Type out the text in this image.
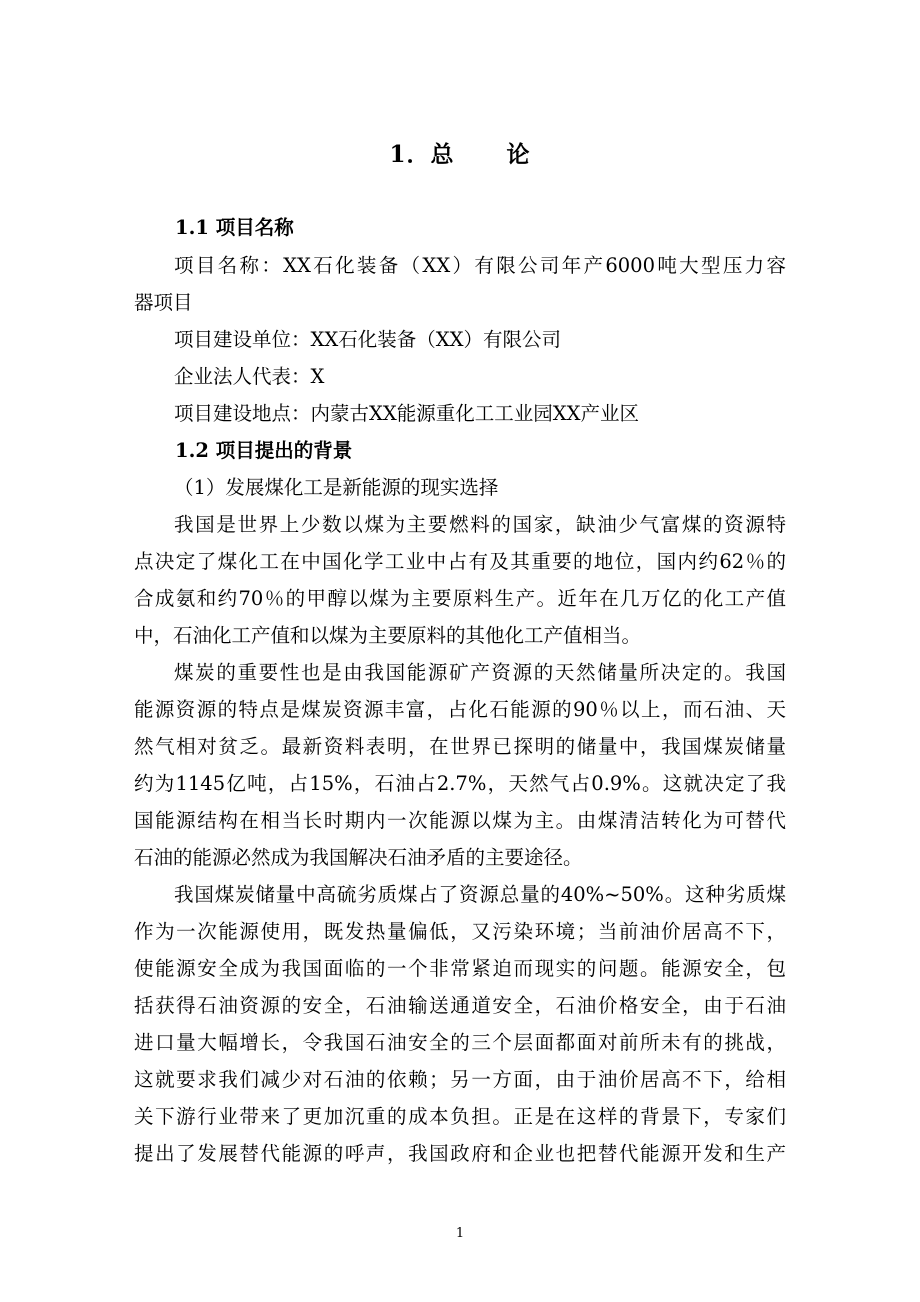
1．总 论
1.1 项目名称
项目名称：XX石化装备（XX）有限公司年产6000吨大型压力容
器项目
项目建设单位：XX石化装备（XX）有限公司
企业法人代表：X
项目建设地点：内蒙古XX能源重化工工业园XX产业区
1.2 项目提出的背景
（1）发展煤化工是新能源的现实选择
我国是世界上少数以煤为主要燃料的国家，缺油少气富煤的资源特
点决定了煤化工在中国化学工业中占有及其重要的地位，国内约62％的
合成氨和约70％的甲醇以煤为主要原料生产。近年在几万亿的化工产值
中，石油化工产值和以煤为主要原料的其他化工产值相当。
煤炭的重要性也是由我国能源矿产资源的天然储量所决定的。我国
能源资源的特点是煤炭资源丰富，占化石能源的90％以上，而石油、天
然气相对贫乏。最新资料表明，在世界已探明的储量中，我国煤炭储量
约为1145亿吨，占15%，石油占2.7%，天然气占0.9%。这就决定了我
国能源结构在相当长时期内一次能源以煤为主。由煤清洁转化为可替代
石油的能源必然成为我国解决石油矛盾的主要途径。
我国煤炭储量中高硫劣质煤占了资源总量的40%~50%。这种劣质煤
作为一次能源使用，既发热量偏低，又污染环境；当前油价居高不下，
使能源安全成为我国面临的一个非常紧迫而现实的问题。能源安全，包
括获得石油资源的安全，石油输送通道安全，石油价格安全，由于石油
进口量大幅增长，令我国石油安全的三个层面都面对前所未有的挑战，
这就要求我们减少对石油的依赖；另一方面，由于油价居高不下，给相
关下游行业带来了更加沉重的成本负担。正是在这样的背景下，专家们
提出了发展替代能源的呼声，我国政府和企业也把替代能源开发和生产
1
